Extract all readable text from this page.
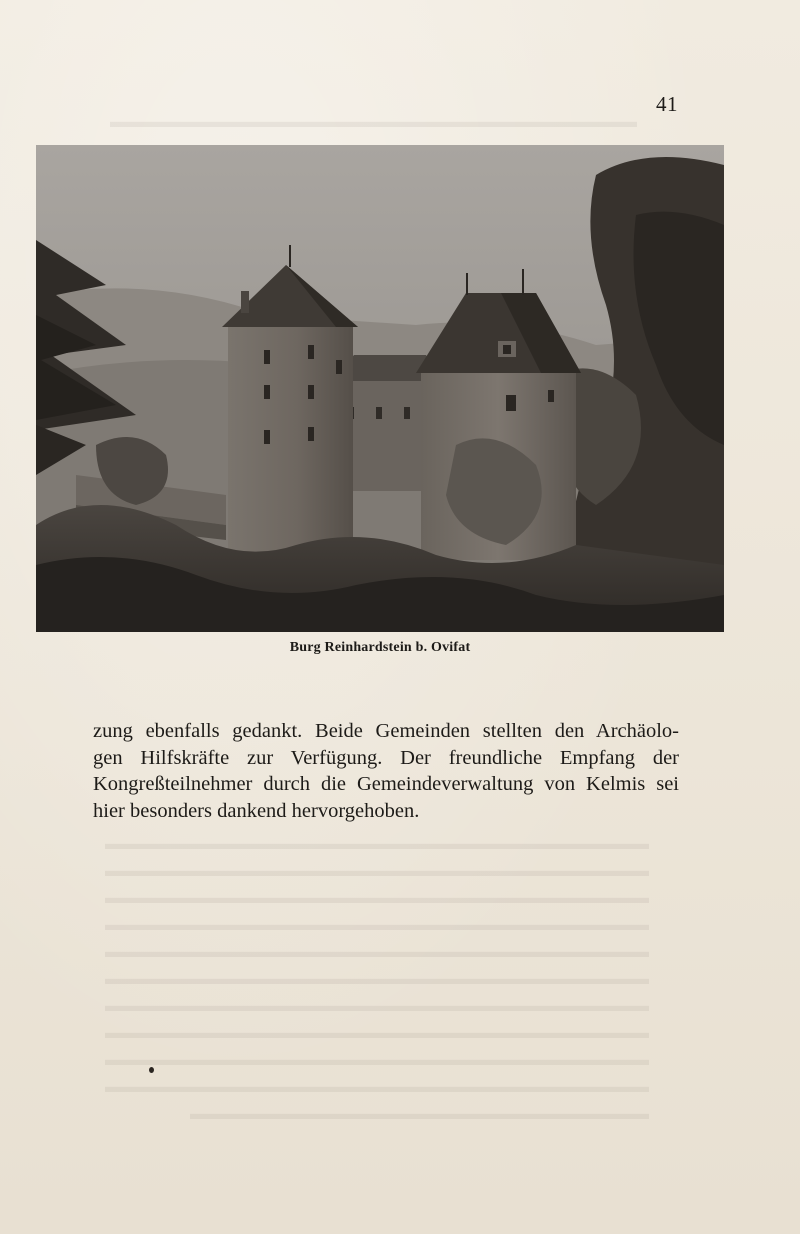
▬▬▬▬▬▬▬▬▬▬▬▬▬▬▬▬▬▬▬▬▬▬▬▬▬▬▬▬▬▬▬

▬▬▬▬▬▬▬▬▬▬▬▬▬▬▬▬▬▬▬▬▬▬▬▬▬▬▬▬▬▬▬▬
▬▬▬▬▬▬▬▬▬▬▬▬▬▬▬▬▬▬▬▬▬▬▬▬▬▬▬▬▬▬▬▬
▬▬▬▬▬▬▬▬▬▬▬▬▬▬▬▬▬▬▬▬▬▬▬▬▬▬▬▬▬▬▬▬
▬▬▬▬▬▬▬▬▬▬▬▬▬▬▬▬▬▬▬▬▬▬▬▬▬▬▬▬▬▬▬▬
▬▬▬▬▬▬▬▬▬▬▬▬▬▬▬▬▬▬▬▬▬▬▬▬▬▬▬▬▬▬▬▬
▬▬▬▬▬▬▬▬▬▬▬▬▬▬▬▬▬▬▬▬▬▬▬▬▬▬▬▬▬▬▬▬
▬▬▬▬▬▬▬▬▬▬▬▬▬▬▬▬▬▬▬▬▬▬▬▬▬▬▬▬▬▬▬▬
▬▬▬▬▬▬▬▬▬▬▬▬▬▬▬▬▬▬▬▬▬▬▬▬▬▬▬▬▬▬▬▬
▬▬▬▬▬▬▬▬▬▬▬▬▬▬▬▬▬▬▬▬▬▬▬▬▬▬▬▬▬▬▬▬
▬▬▬▬▬▬▬▬▬▬▬▬▬▬▬▬▬▬▬▬▬▬▬▬▬▬▬▬▬▬▬▬
▬▬▬▬▬▬▬▬▬▬▬▬▬▬▬▬▬▬▬▬▬▬▬▬▬▬▬
41
Burg Reinhardstein b. Ovifat
zung ebenfalls gedankt. Beide Gemeinden stellten den Archäolo-
gen Hilfskräfte zur Verfügung. Der freundliche Empfang der
Kongreßteilnehmer durch die Gemeindeverwaltung von Kelmis sei
hier besonders dankend hervorgehoben.
